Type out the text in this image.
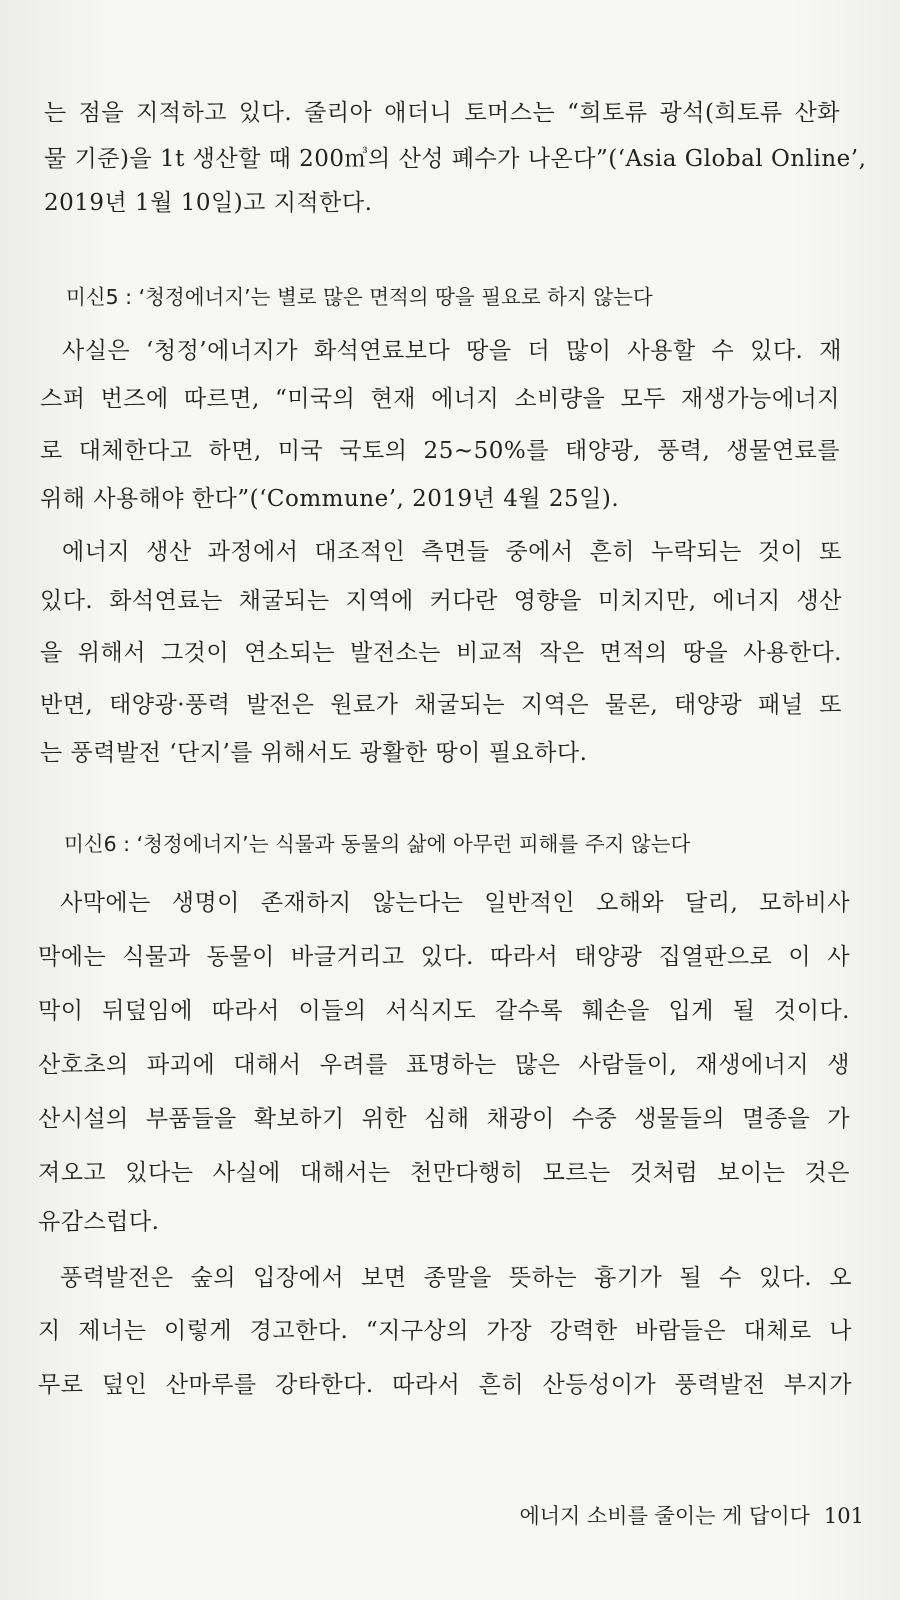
는 점을 지적하고 있다. 줄리아 애더니 토머스는 “희토류 광석(희토류 산화
물 기준)을 1t 생산할 때 200㎥의 산성 폐수가 나온다”(‘Asia Global Online’,
2019년 1월 10일)고 지적한다.
미신5 : ‘청정에너지’는 별로 많은 면적의 땅을 필요로 하지 않는다
사실은 ‘청정’에너지가 화석연료보다 땅을 더 많이 사용할 수 있다. 재
스퍼 번즈에 따르면, “미국의 현재 에너지 소비량을 모두 재생가능에너지
로 대체한다고 하면, 미국 국토의 25~50%를 태양광, 풍력, 생물연료를
위해 사용해야 한다”(‘Commune’, 2019년 4월 25일).
에너지 생산 과정에서 대조적인 측면들 중에서 흔히 누락되는 것이 또
있다. 화석연료는 채굴되는 지역에 커다란 영향을 미치지만, 에너지 생산
을 위해서 그것이 연소되는 발전소는 비교적 작은 면적의 땅을 사용한다.
반면, 태양광·풍력 발전은 원료가 채굴되는 지역은 물론, 태양광 패널 또
는 풍력발전 ‘단지’를 위해서도 광활한 땅이 필요하다.
미신6 : ‘청정에너지’는 식물과 동물의 삶에 아무런 피해를 주지 않는다
사막에는 생명이 존재하지 않는다는 일반적인 오해와 달리, 모하비사
막에는 식물과 동물이 바글거리고 있다. 따라서 태양광 집열판으로 이 사
막이 뒤덮임에 따라서 이들의 서식지도 갈수록 훼손을 입게 될 것이다.
산호초의 파괴에 대해서 우려를 표명하는 많은 사람들이, 재생에너지 생
산시설의 부품들을 확보하기 위한 심해 채광이 수중 생물들의 멸종을 가
져오고 있다는 사실에 대해서는 천만다행히 모르는 것처럼 보이는 것은
유감스럽다.
풍력발전은 숲의 입장에서 보면 종말을 뜻하는 흉기가 될 수 있다. 오
지 제너는 이렇게 경고한다. “지구상의 가장 강력한 바람들은 대체로 나
무로 덮인 산마루를 강타한다. 따라서 흔히 산등성이가 풍력발전 부지가
에너지 소비를 줄이는 게 답이다 101
